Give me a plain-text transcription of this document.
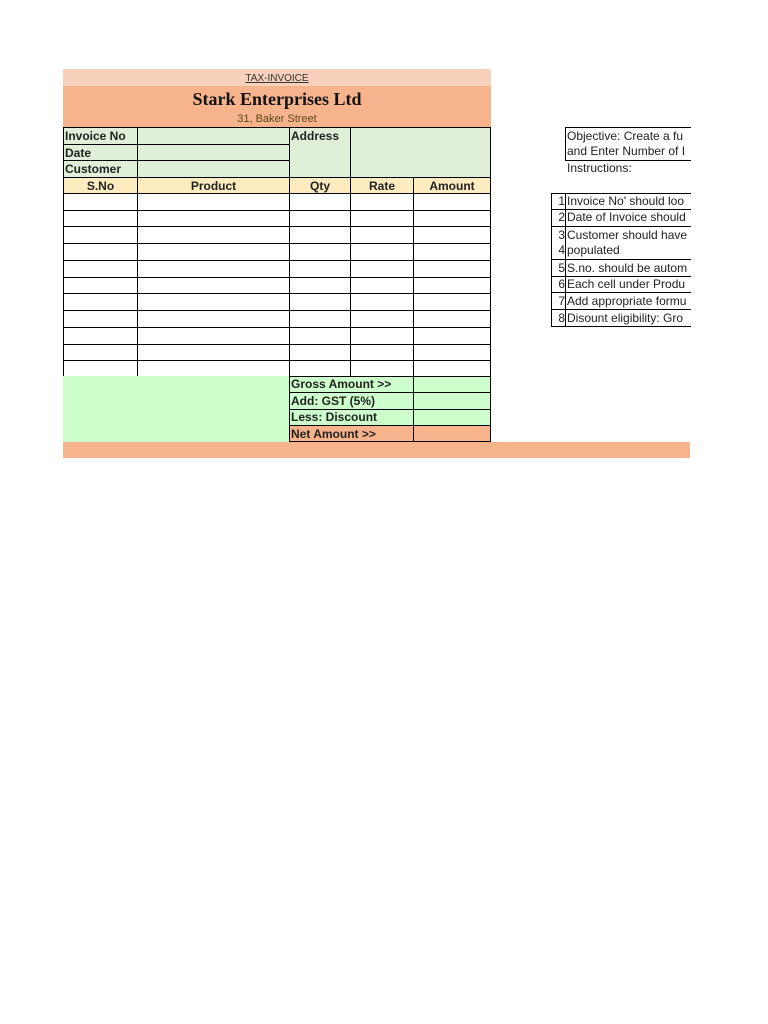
TAX-INVOICE
Stark Enterprises Ltd
31, Baker Street
Invoice No
Date
Customer
Address
S.No	Product	Qty	Rate	Amount
Gross Amount >>
Add: GST (5%)
Less: Discount
Net Amount >>
Objective: Create a fu
and Enter Number of I
Instructions:
1 Invoice No' should loo
2 Date of Invoice should
3 Customer should have
4 populated
5 S.no. should be autom
6 Each cell under Produ
7 Add appropriate formu
8 Disount eligibility: Gro
